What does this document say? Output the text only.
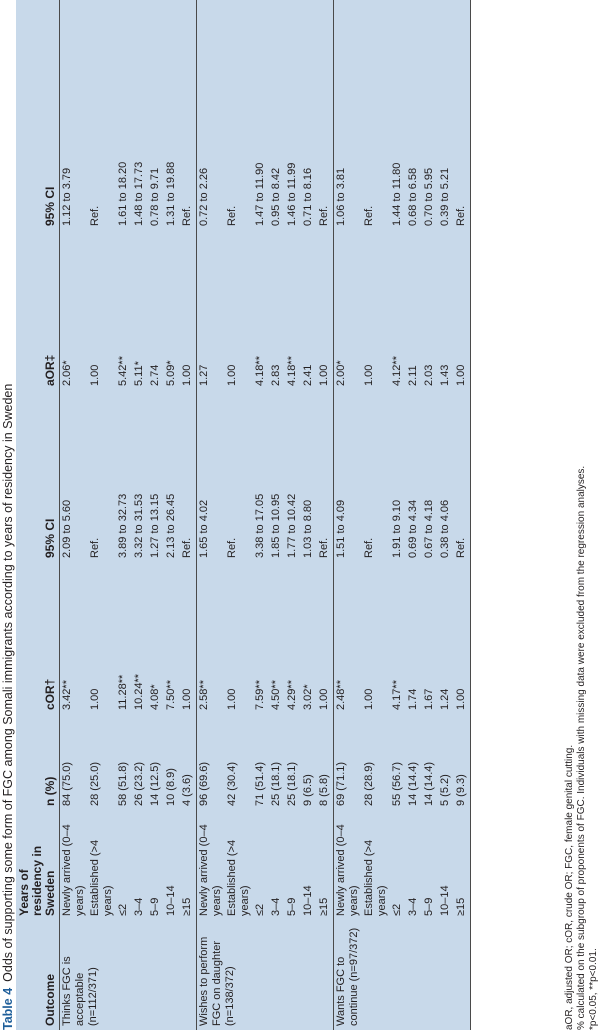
Table 4Odds of supporting some form of FGC among Somali immigrants according to years of residency in Sweden
Outcome	Years of residency in Sweden	n (%)	cOR†	95% CI	aOR‡	95% CI
Thinks FGC is acceptable (n=112/371)	Newly arrived (0–4 years)	84 (75.0)	3.42**	2.09 to 5.60	2.06*	1.12 to 3.79
	Established (>4 years)	28 (25.0)	1.00	Ref.	1.00	Ref.
	≤2	58 (51.8)	11.28**	3.89 to 32.73	5.42**	1.61 to 18.20
	3–4	26 (23.2)	10.24**	3.32 to 31.53	5.11*	1.48 to 17.73
	5–9	14 (12.5)	4.08*	1.27 to 13.15	2.74	0.78 to 9.71
	10–14	10 (8.9)	7.50**	2.13 to 26.45	5.09*	1.31 to 19.88
	≥15	4 (3.6)	1.00	Ref.	1.00	Ref.
Wishes to perform FGC on daughter (n=138/372)	Newly arrived (0–4 years)	96 (69.6)	2.58**	1.65 to 4.02	1.27	0.72 to 2.26
	Established (>4 years)	42 (30.4)	1.00	Ref.	1.00	Ref.
	≤2	71 (51.4)	7.59**	3.38 to 17.05	4.18**	1.47 to 11.90
	3–4	25 (18.1)	4.50**	1.85 to 10.95	2.83	0.95 to 8.42
	5–9	25 (18.1)	4.29**	1.77 to 10.42	4.18**	1.46 to 11.99
	10–14	9 (6.5)	3.02*	1.03 to 8.80	2.41	0.71 to 8.16
	≥15	8 (5.8)	1.00	Ref.	1.00	Ref.
Wants FGC to continue (n=97/372)	Newly arrived (0–4 years)	69 (71.1)	2.48**	1.51 to 4.09	2.00*	1.06 to 3.81
	Established (>4 years)	28 (28.9)	1.00	Ref.	1.00	Ref.
	≤2	55 (56.7)	4.17**	1.91 to 9.10	4.12**	1.44 to 11.80
	3–4	14 (14.4)	1.74	0.69 to 4.34	2.11	0.68 to 6.58
	5–9	14 (14.4)	1.67	0.67 to 4.18	2.03	0.70 to 5.95
	10–14	5 (5.2)	1.24	0.38 to 4.06	1.43	0.39 to 5.21
	≥15	9 (9.3)	1.00	Ref.	1.00	Ref.
aOR, adjusted OR; cOR, crude OR; FGC, female genital cutting. % calculated on the subgroup of proponents of FGC. Individuals with missing data were excluded from the regression analyses. *p<0.05, **p<0.01.
